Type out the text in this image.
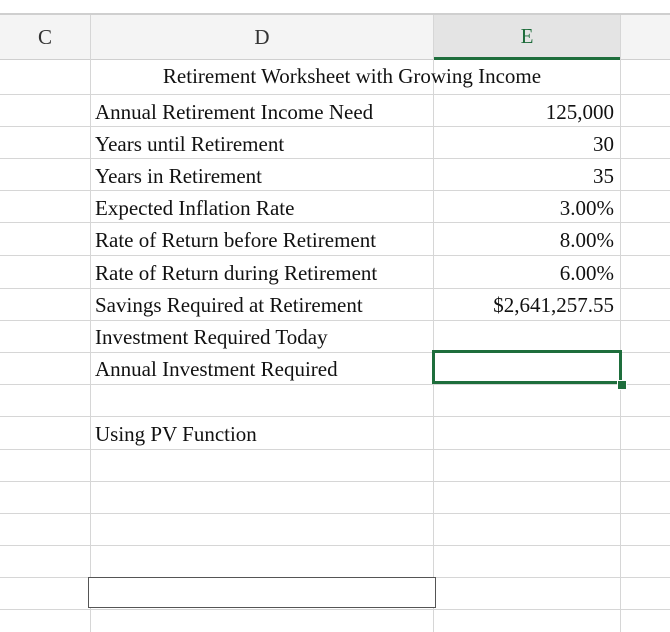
C	D	E
Retirement Worksheet with Growing Income
Annual Retirement Income Need	125,000
Years until Retirement	30
Years in Retirement	35
Expected Inflation Rate	3.00%
Rate of Return before Retirement	8.00%
Rate of Return during Retirement	6.00%
Savings Required at Retirement	$2,641,257.55
Investment Required Today
Annual Investment Required
Using PV Function
